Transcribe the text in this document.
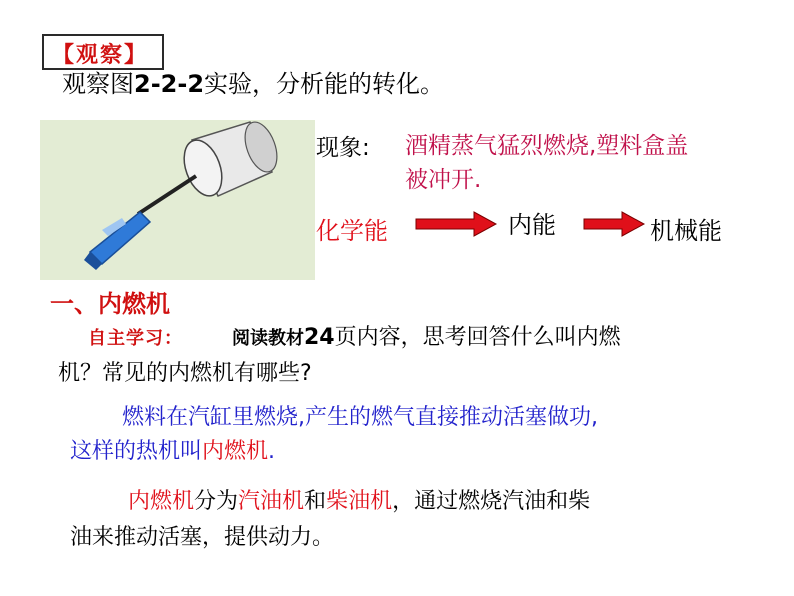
【观察】
观察图2-2-2实验，分析能的转化。
现象: 酒精蒸气猛烈燃烧,塑料盒盖
被冲开.
化学能	内能	机械能
一、内燃机
自主学习：	阅读教材24页内容，思考回答什么叫内燃
机？常见的内燃机有哪些?
燃料在汽缸里燃烧,产生的燃气直接推动活塞做功,
这样的热机叫内燃机.
内燃机分为汽油机和柴油机，通过燃烧汽油和柴
油来推动活塞，提供动力。
